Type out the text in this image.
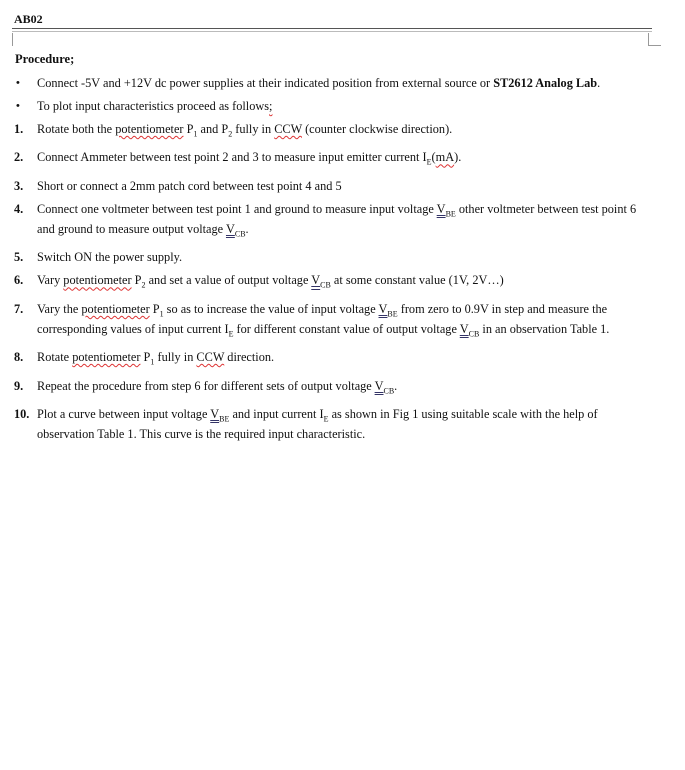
AB02
Procedure;
• Connect -5V and +12V dc power supplies at their indicated position from external source or ST2612 Analog Lab.
• To plot input characteristics proceed as follows;
1. Rotate both the potentiometer $P_1$ and $P_2$ fully in CCW (counter clockwise direction).
2. Connect Ammeter between test point 2 and 3 to measure input emitter current $I_E(mA)$.
3. Short or connect a 2mm patch cord between test point 4 and 5
4. Connect one voltmeter between test point 1 and ground to measure input voltage $V_{BE}$ other voltmeter between test point 6 and ground to measure output voltage $V_{CB}$.
5. Switch ON the power supply.
6. Vary potentiometer $P_2$ and set a value of output voltage $V_{CB}$ at some constant value (1V, 2V…)
7. Vary the potentiometer $P_1$ so as to increase the value of input voltage $V_{BE}$ from zero to 0.9V in step and measure the corresponding values of input current $I_E$ for different constant value of output voltage $V_{CB}$ in an observation Table 1.
8. Rotate potentiometer $P_1$ fully in CCW direction.
9. Repeat the procedure from step 6 for different sets of output voltage $V_{CB}$.
10. Plot a curve between input voltage $V_{BE}$ and input current $I_E$ as shown in Fig 1 using suitable scale with the help of observation Table 1. This curve is the required input characteristic.
